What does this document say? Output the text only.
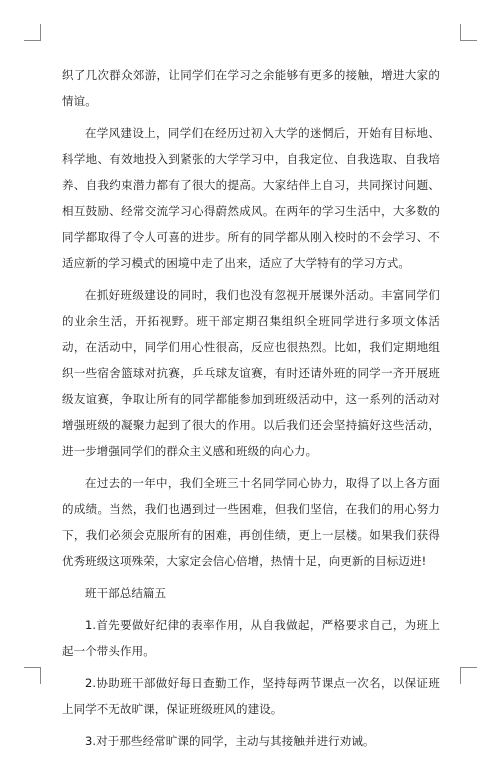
织了几次群众郊游，让同学们在学习之余能够有更多的接触，增进大家的情谊。

在学风建设上，同学们在经历过初入大学的迷惘后，开始有目标地、科学地、有效地投入到紧张的大学学习中，自我定位、自我选取、自我培养、自我约束潜力都有了很大的提高。大家结伴上自习，共同探讨问题、相互鼓励、经常交流学习心得蔚然成风。在两年的学习生活中，大多数的同学都取得了令人可喜的进步。所有的同学都从刚入校时的不会学习、不适应新的学习模式的困境中走了出来，适应了大学特有的学习方式。

在抓好班级建设的同时，我们也没有忽视开展课外活动。丰富同学们的业余生活，开拓视野。班干部定期召集组织全班同学进行多项文体活动，在活动中，同学们用心性很高，反应也很热烈。比如，我们定期地组织一些宿舍篮球对抗赛，乒乓球友谊赛，有时还请外班的同学一齐开展班级友谊赛，争取让所有的同学都能参加到班级活动中，这一系列的活动对增强班级的凝聚力起到了很大的作用。以后我们还会坚持搞好这些活动，进一步增强同学们的群众主义感和班级的向心力。

在过去的一年中，我们全班三十名同学同心协力，取得了以上各方面的成绩。当然，我们也遇到过一些困难，但我们坚信，在我们的用心努力下，我们必须会克服所有的困难，再创佳绩，更上一层楼。如果我们获得优秀班级这项殊荣，大家定会信心倍增，热情十足，向更新的目标迈进!

班干部总结篇五

1.首先要做好纪律的表率作用，从自我做起，严格要求自己，为班上起一个带头作用。

2.协助班干部做好每日查勤工作，坚持每两节课点一次名，以保证班上同学不无故旷课，保证班级班风的建设。

3.对于那些经常旷课的同学，主动与其接触并进行劝诫。
